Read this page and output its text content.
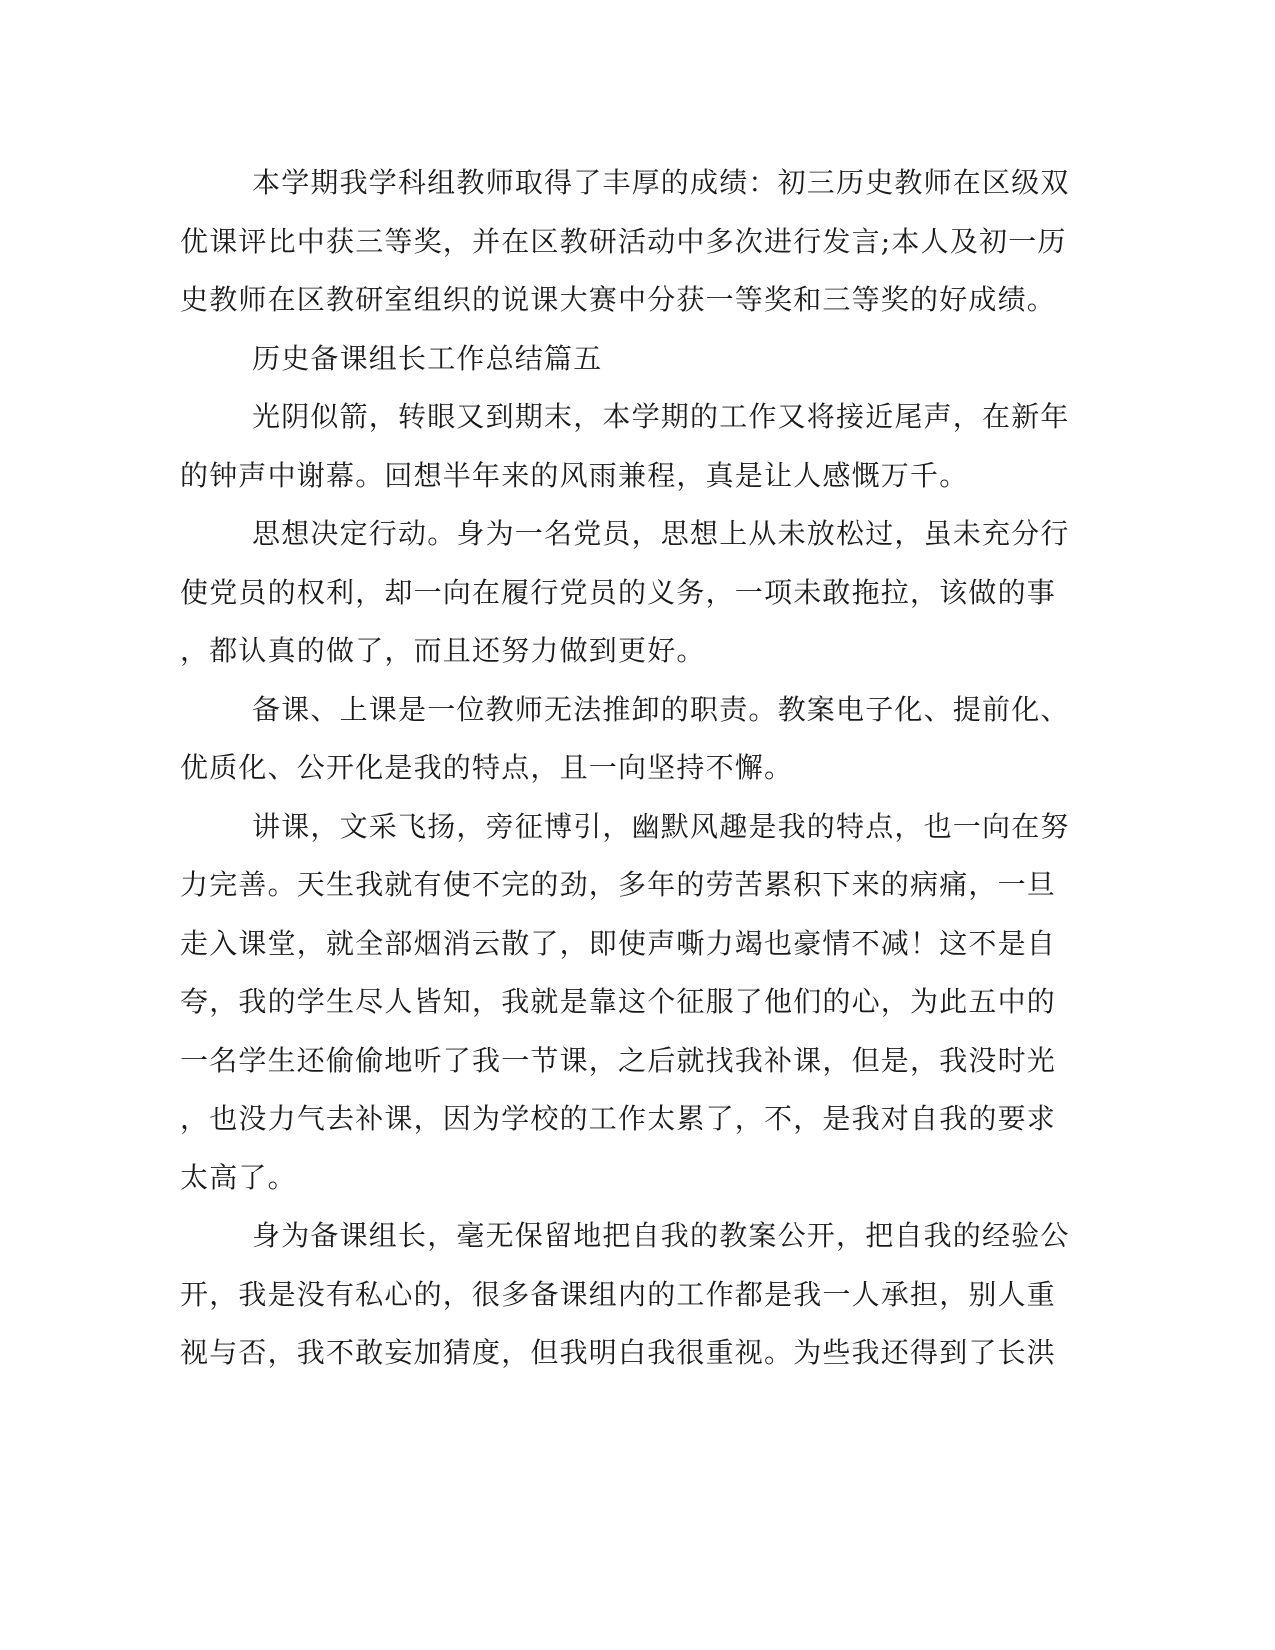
本学期我学科组教师取得了丰厚的成绩：初三历史教师在区级双

优课评比中获三等奖，并在区教研活动中多次进行发言;本人及初一历

史教师在区教研室组织的说课大赛中分获一等奖和三等奖的好成绩。

历史备课组长工作总结篇五

光阴似箭，转眼又到期末，本学期的工作又将接近尾声，在新年

的钟声中谢幕。回想半年来的风雨兼程，真是让人感慨万千。

思想决定行动。身为一名党员，思想上从未放松过，虽未充分行

使党员的权利，却一向在履行党员的义务，一项未敢拖拉，该做的事

，都认真的做了，而且还努力做到更好。

备课、上课是一位教师无法推卸的职责。教案电子化、提前化、

优质化、公开化是我的特点，且一向坚持不懈。

讲课，文采飞扬，旁征博引，幽默风趣是我的特点，也一向在努

力完善。天生我就有使不完的劲，多年的劳苦累积下来的病痛，一旦

走入课堂，就全部烟消云散了，即使声嘶力竭也豪情不减！这不是自

夸，我的学生尽人皆知，我就是靠这个征服了他们的心，为此五中的

一名学生还偷偷地听了我一节课，之后就找我补课，但是，我没时光

，也没力气去补课，因为学校的工作太累了，不，是我对自我的要求

太高了。

身为备课组长，毫无保留地把自我的教案公开，把自我的经验公

开，我是没有私心的，很多备课组内的工作都是我一人承担，别人重

视与否，我不敢妄加猜度，但我明白我很重视。为些我还得到了长洪
